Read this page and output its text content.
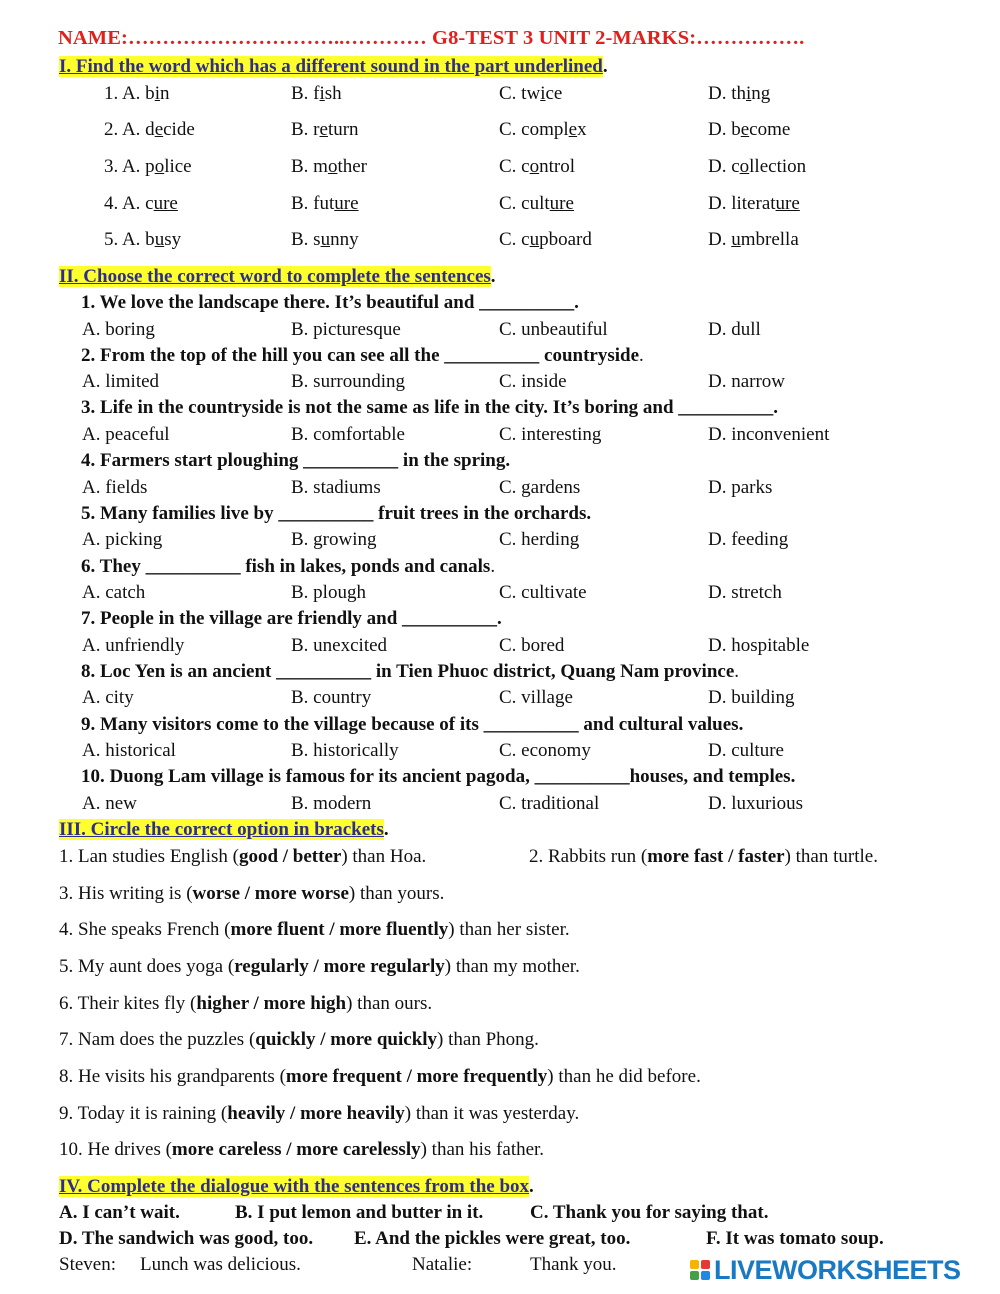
NAME:…………………………..………… G8-TEST 3 UNIT 2-MARKS:…………….
I. Find the word which has a different sound in the part underlined.
1. A. bin	B. fish	C. twice	D. thing
2. A. decide	B. return	C. complex	D. become
3. A. police	B. mother	C. control	D. collection
4. A. cure	B. future	C. culture	D. literature
5. A. busy	B. sunny	C. cupboard	D. umbrella
II. Choose the correct word to complete the sentences.
1. We love the landscape there. It’s beautiful and __________.
A. boring	B. picturesque	C. unbeautiful	D. dull
2. From the top of the hill you can see all the __________ countryside.
A. limited	B. surrounding	C. inside	D. narrow
3. Life in the countryside is not the same as life in the city. It’s boring and __________.
A. peaceful	B. comfortable	C. interesting	D. inconvenient
4. Farmers start ploughing __________ in the spring.
A. fields	B. stadiums	C. gardens	D. parks
5. Many families live by __________ fruit trees in the orchards.
A. picking	B. growing	C. herding	D. feeding
6. They __________ fish in lakes, ponds and canals.
A. catch	B. plough	C. cultivate	D. stretch
7. People in the village are friendly and __________.
A. unfriendly	B. unexcited	C. bored	D. hospitable
8. Loc Yen is an ancient __________ in Tien Phuoc district, Quang Nam province.
A. city	B. country	C. village	D. building
9. Many visitors come to the village because of its __________ and cultural values.
A. historical	B. historically	C. economy	D. culture
10. Duong Lam village is famous for its ancient pagoda, __________houses, and temples.
A. new	B. modern	C. traditional	D. luxurious
III. Circle the correct option in brackets.
1. Lan studies English (good / better) than Hoa.	2. Rabbits run (more fast / faster) than turtle.
3. His writing is (worse / more worse) than yours.
4. She speaks French (more fluent / more fluently) than her sister.
5. My aunt does yoga (regularly / more regularly) than my mother.
6. Their kites fly (higher / more high) than ours.
7. Nam does the puzzles (quickly / more quickly) than Phong.
8. He visits his grandparents (more frequent / more frequently) than he did before.
9. Today it is raining (heavily / more heavily) than it was yesterday.
10. He drives (more careless / more carelessly) than his father.
IV. Complete the dialogue with the sentences from the box.
A. I can’t wait.	B. I put lemon and butter in it. C. Thank you for saying that.
D. The sandwich was good, too. E. And the pickles were great, too.	F. It was tomato soup.
Steven: Lunch was delicious.	Natalie:	Thank you.	LIVEWORKSHEETS
